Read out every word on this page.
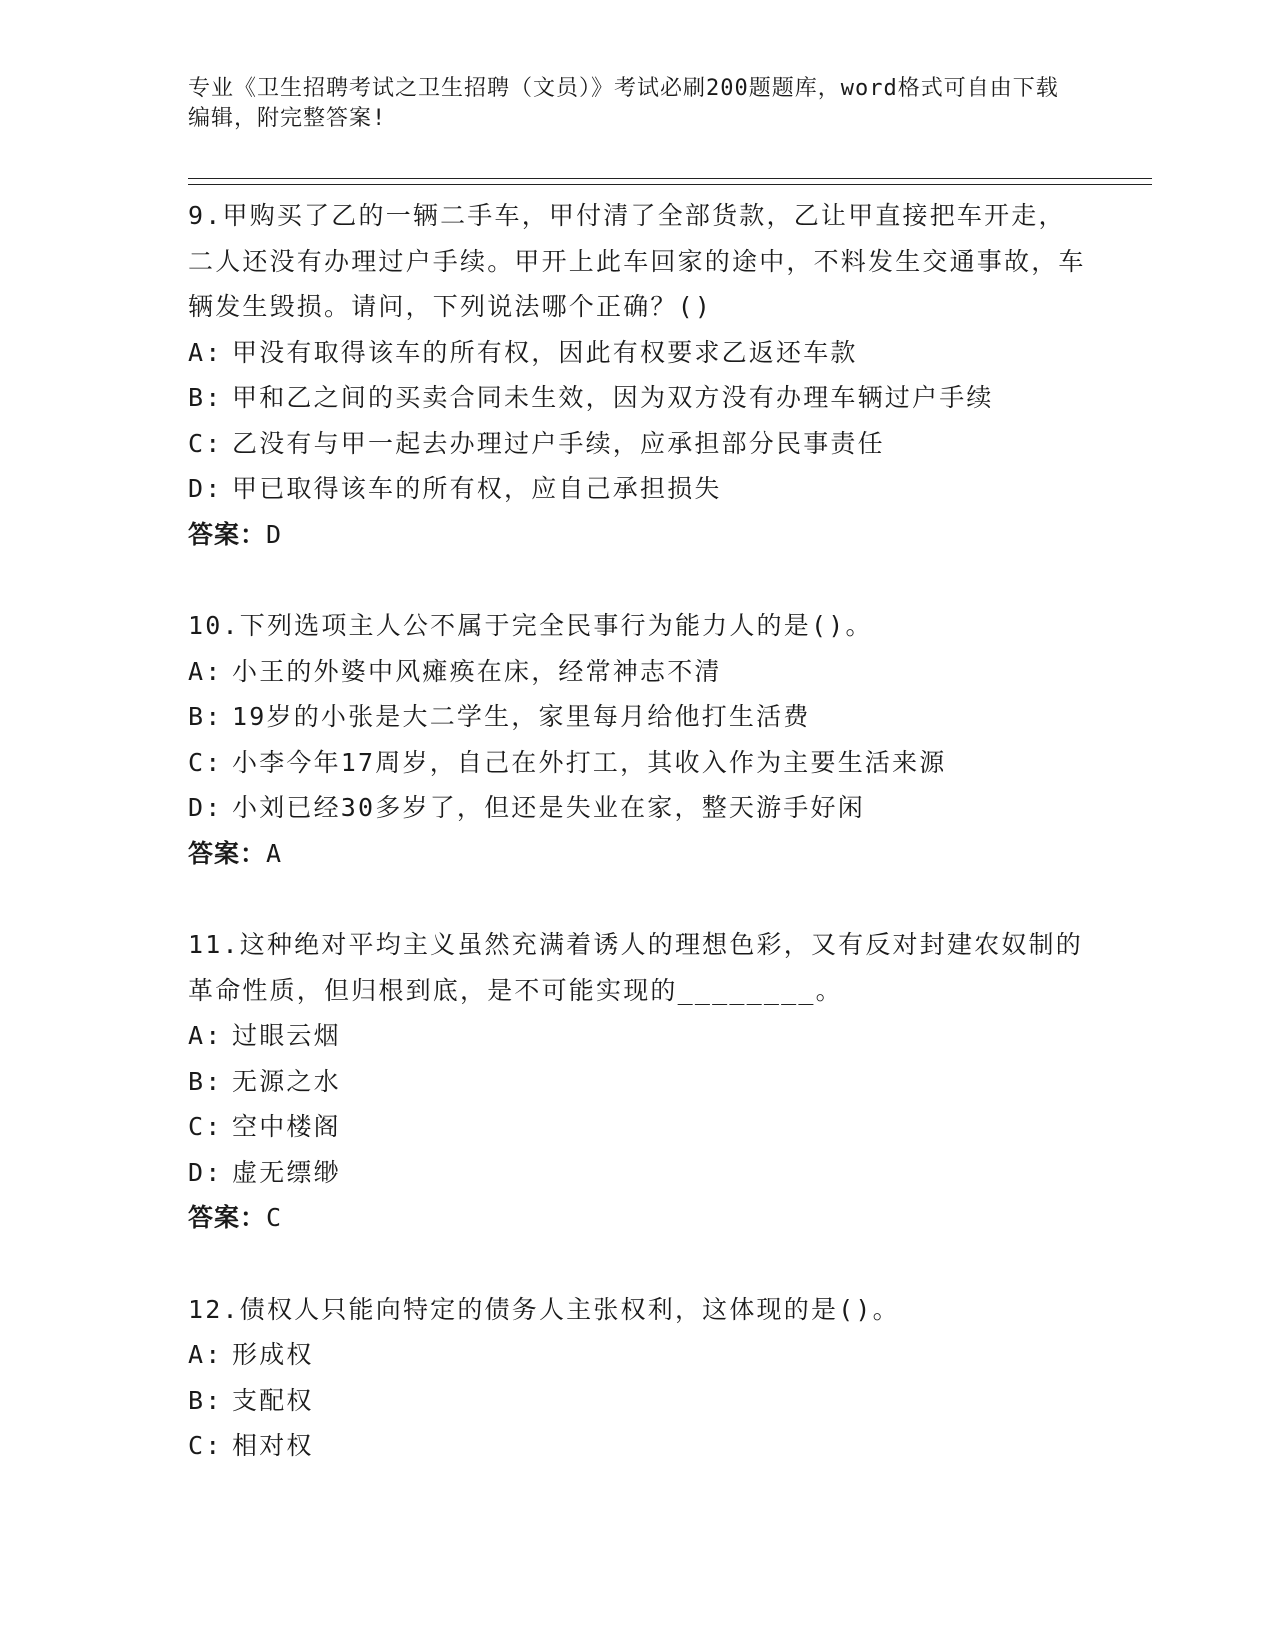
专业《卫生招聘考试之卫生招聘（文员）》考试必刷200题题库，word格式可自由下载编辑，附完整答案!

9.甲购买了乙的一辆二手车，甲付清了全部货款，乙让甲直接把车开走，二人还没有办理过户手续。甲开上此车回家的途中，不料发生交通事故，车辆发生毁损。请问，下列说法哪个正确？()

A: 甲没有取得该车的所有权，因此有权要求乙返还车款

B: 甲和乙之间的买卖合同未生效，因为双方没有办理车辆过户手续

C: 乙没有与甲一起去办理过户手续，应承担部分民事责任

D: 甲已取得该车的所有权，应自己承担损失

答案：D

10.下列选项主人公不属于完全民事行为能力人的是()。

A: 小王的外婆中风瘫痪在床，经常神志不清

B: 19岁的小张是大二学生，家里每月给他打生活费

C: 小李今年17周岁，自己在外打工，其收入作为主要生活来源

D: 小刘已经30多岁了，但还是失业在家，整天游手好闲

答案：A

11.这种绝对平均主义虽然充满着诱人的理想色彩，又有反对封建农奴制的革命性质，但归根到底，是不可能实现的________。

A: 过眼云烟

B: 无源之水

C: 空中楼阁

D: 虚无缥缈

答案：C

12.债权人只能向特定的债务人主张权利，这体现的是()。

A: 形成权

B: 支配权

C: 相对权
